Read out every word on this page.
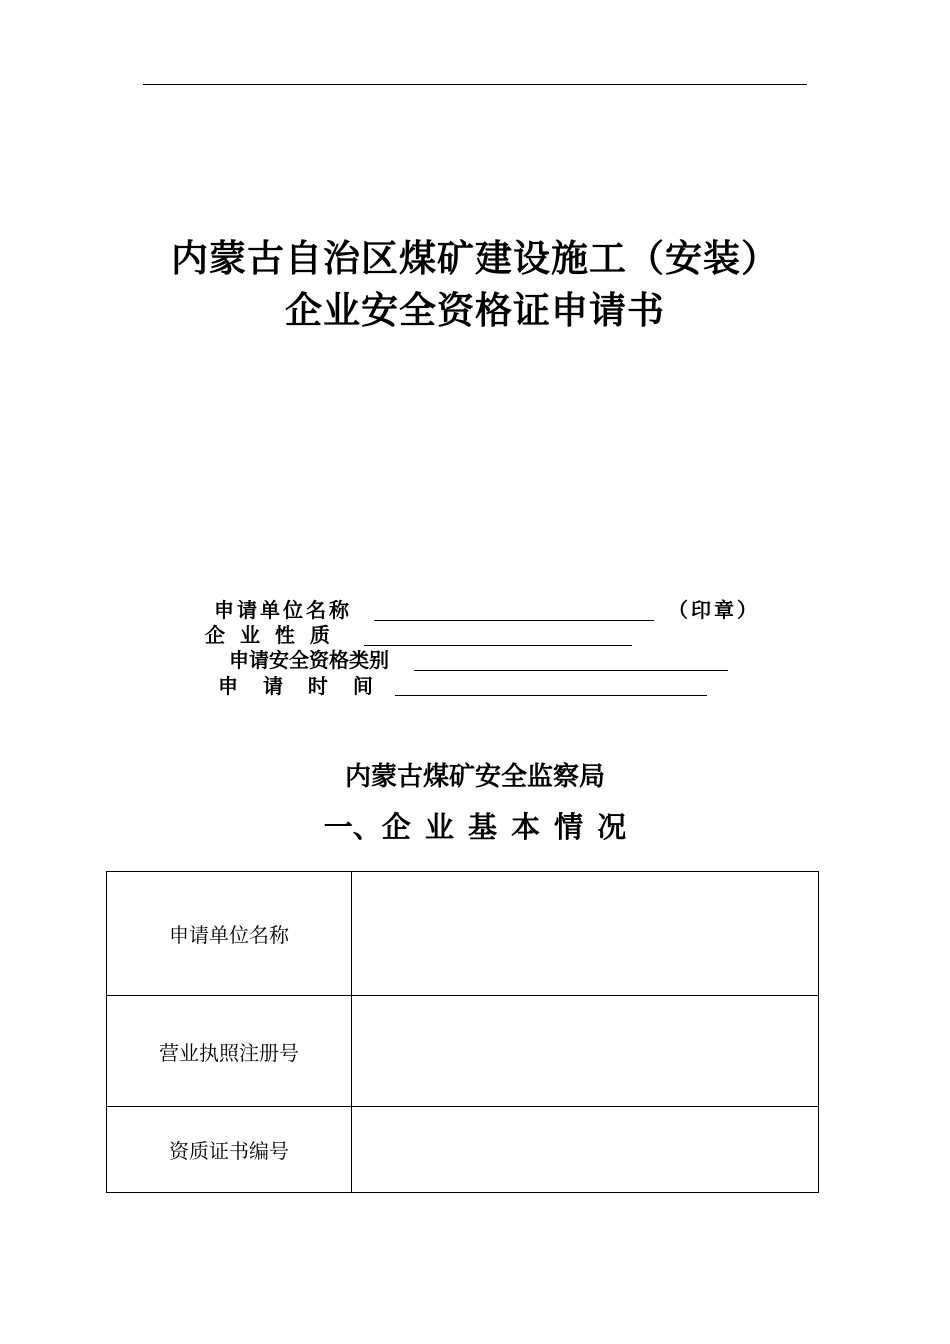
内蒙古自治区煤矿建设施工（安装）
企业安全资格证申请书
申请单位名称	（印章）
企 业 性 质
申请安全资格类别
申 请 时 间
内蒙古煤矿安全监察局
一、企 业 基 本 情 况
申请单位名称	
营业执照注册号	
资质证书编号	
